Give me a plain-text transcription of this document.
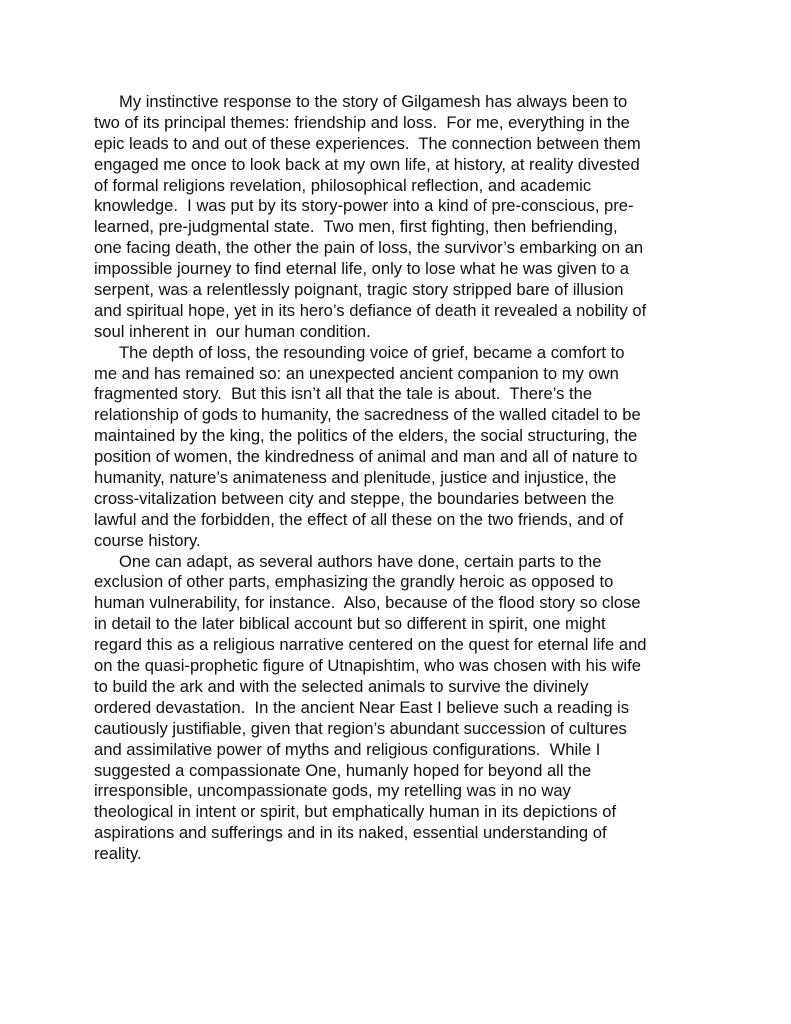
My instinctive response to the story of Gilgamesh has always been to
two of its principal themes: friendship and loss.  For me, everything in the
epic leads to and out of these experiences.  The connection between them
engaged me once to look back at my own life, at history, at reality divested
of formal religions revelation, philosophical reflection, and academic
knowledge.  I was put by its story-power into a kind of pre-conscious, pre-
learned, pre-judgmental state.  Two men, first fighting, then befriending,
one facing death, the other the pain of loss, the survivor’s embarking on an
impossible journey to find eternal life, only to lose what he was given to a
serpent, was a relentlessly poignant, tragic story stripped bare of illusion
and spiritual hope, yet in its hero’s defiance of death it revealed a nobility of
soul inherent in  our human condition.
The depth of loss, the resounding voice of grief, became a comfort to
me and has remained so: an unexpected ancient companion to my own
fragmented story.  But this isn’t all that the tale is about.  There’s the
relationship of gods to humanity, the sacredness of the walled citadel to be
maintained by the king, the politics of the elders, the social structuring, the
position of women, the kindredness of animal and man and all of nature to
humanity, nature’s animateness and plenitude, justice and injustice, the
cross-vitalization between city and steppe, the boundaries between the
lawful and the forbidden, the effect of all these on the two friends, and of
course history.
One can adapt, as several authors have done, certain parts to the
exclusion of other parts, emphasizing the grandly heroic as opposed to
human vulnerability, for instance.  Also, because of the flood story so close
in detail to the later biblical account but so different in spirit, one might
regard this as a religious narrative centered on the quest for eternal life and
on the quasi-prophetic figure of Utnapishtim, who was chosen with his wife
to build the ark and with the selected animals to survive the divinely
ordered devastation.  In the ancient Near East I believe such a reading is
cautiously justifiable, given that region’s abundant succession of cultures
and assimilative power of myths and religious configurations.  While I
suggested a compassionate One, humanly hoped for beyond all the
irresponsible, uncompassionate gods, my retelling was in no way
theological in intent or spirit, but emphatically human in its depictions of
aspirations and sufferings and in its naked, essential understanding of
reality.
